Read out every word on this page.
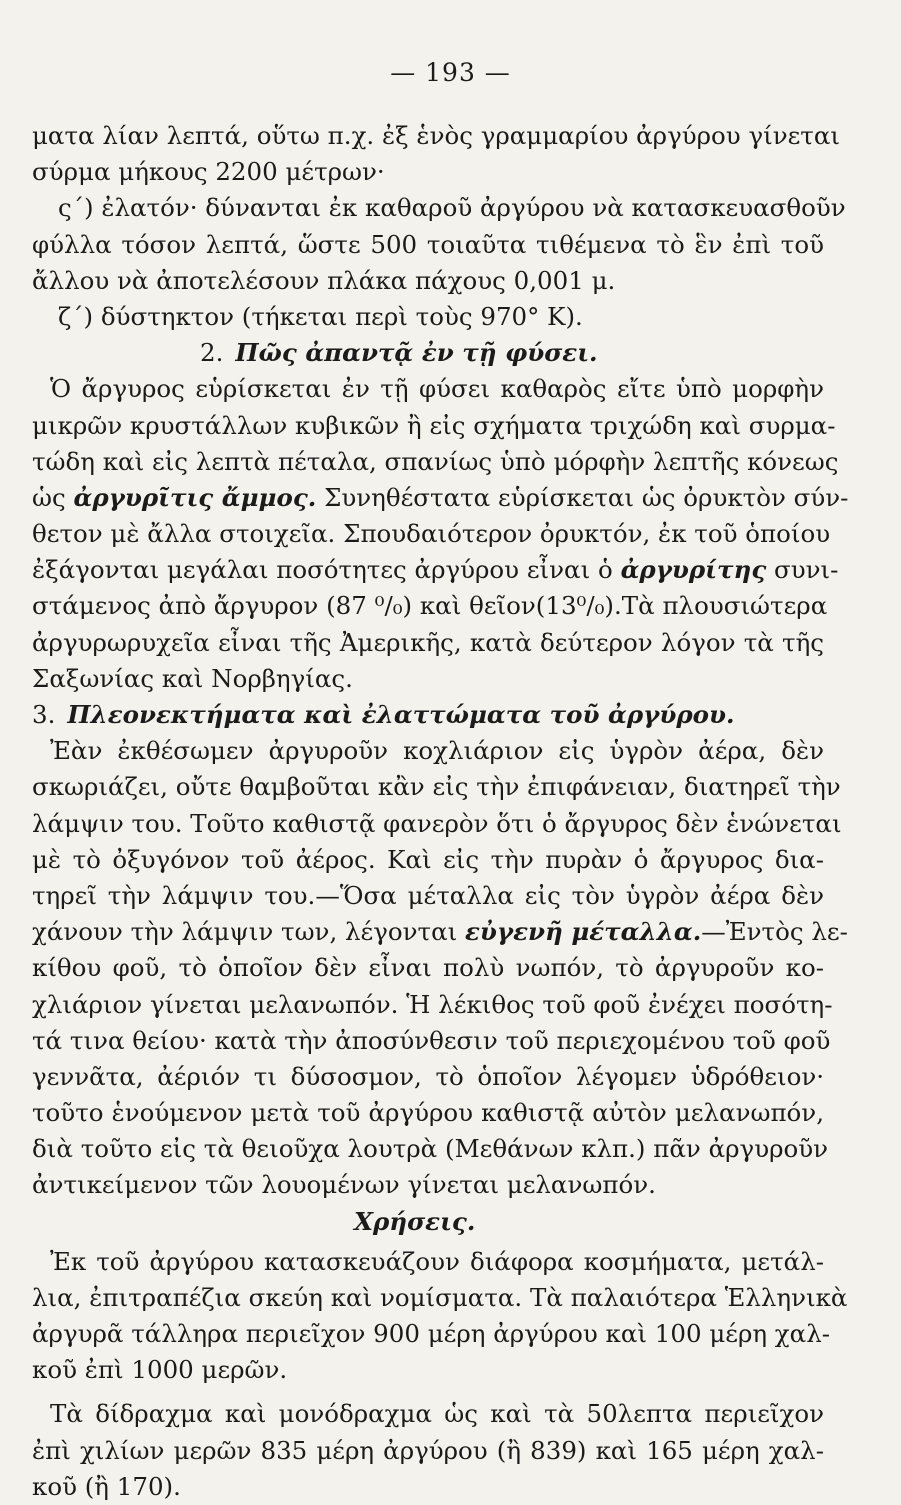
— 193 —
ματα λίαν λεπτά, οὕτω π.χ. ἐξ ἑνὸς γραμμαρίου ἀργύρου γίνεται
σύρμα μήκους 2200 μέτρων·
ς΄) ἐλατόν· δύνανται ἐκ καθαροῦ ἀργύρου νὰ κατασκευασθοῦν
φύλλα τόσον λεπτά, ὥστε 500 τοιαῦτα τιθέμενα τὸ ἓν ἐπὶ τοῦ
ἄλλου νὰ ἀποτελέσουν πλάκα πάχους 0,001 μ.
ζ΄) δύστηκτον (τήκεται περὶ τοὺς 970° Κ).
2. Πῶς ἀπαντᾷ ἐν τῇ φύσει.
Ὁ ἄργυρος εὑρίσκεται ἐν τῇ φύσει καθαρὸς εἴτε ὑπὸ μορφὴν
μικρῶν κρυστάλλων κυβικῶν ἢ εἰς σχήματα τριχώδη καὶ συρμα-
τώδη καὶ εἰς λεπτὰ πέταλα, σπανίως ὑπὸ μόρφὴν λεπτῆς κόνεως
ὡς ἀργυρῖτις ἄμμος. Συνηθέστατα εὑρίσκεται ὡς ὀρυκτὸν σύν-
θετον μὲ ἄλλα στοιχεῖα. Σπουδαιότερον ὀρυκτόν, ἐκ τοῦ ὁποίου
ἐξάγονται μεγάλαι ποσότητες ἀργύρου εἶναι ὁ ἀργυρίτης συνι-
στάμενος ἀπὸ ἄργυρον (87 ⁰/₀) καὶ θεῖον(13⁰/₀).Τὰ πλουσιώτερα
ἀργυρωρυχεῖα εἶναι τῆς Ἀμερικῆς, κατὰ δεύτερον λόγον τὰ τῆς
Σαξωνίας καὶ Νορβηγίας.
3. Πλεονεκτήματα καὶ ἐλαττώματα τοῦ ἀργύρου.
Ἐὰν ἐκθέσωμεν ἀργυροῦν κοχλιάριον εἰς ὑγρὸν ἀέρα, δὲν
σκωριάζει, οὔτε θαμβοῦται κἂν εἰς τὴν ἐπιφάνειαν, διατηρεῖ τὴν
λάμψιν του. Τοῦτο καθιστᾷ φανερὸν ὅτι ὁ ἄργυρος δὲν ἑνώνεται
μὲ τὸ ὀξυγόνον τοῦ ἀέρος. Καὶ εἰς τὴν πυρὰν ὁ ἄργυρος δια-
τηρεῖ τὴν λάμψιν του.—Ὅσα μέταλλα εἰς τὸν ὑγρὸν ἀέρα δὲν
χάνουν τὴν λάμψιν των, λέγονται εὐγενῆ μέταλλα.—Ἐντὸς λε-
κίθου φοῦ, τὸ ὁποῖον δὲν εἶναι πολὺ νωπόν, τὸ ἀργυροῦν κο-
χλιάριον γίνεται μελανωπόν. Ἡ λέκιθος τοῦ φοῦ ἐνέχει ποσότη-
τά τινα θείου· κατὰ τὴν ἀποσύνθεσιν τοῦ περιεχομένου τοῦ φοῦ
γεννᾶτα, ἀέριόν τι δύσοσμον, τὸ ὁποῖον λέγομεν ὑδρόθειον·
τοῦτο ἑνούμενον μετὰ τοῦ ἀργύρου καθιστᾷ αὐτὸν μελανωπόν,
διὰ τοῦτο εἰς τὰ θειοῦχα λουτρὰ (Μεθάνων κλπ.) πᾶν ἀργυροῦν
ἀντικείμενον τῶν λουομένων γίνεται μελανωπόν.
Χρήσεις.
Ἐκ τοῦ ἀργύρου κατασκευάζουν διάφορα κοσμήματα, μετάλ-
λια, ἐπιτραπέζια σκεύη καὶ νομίσματα. Τὰ παλαιότερα Ἑλληνικὰ
ἀργυρᾶ τάλληρα περιεῖχον 900 μέρη ἀργύρου καὶ 100 μέρη χαλ-
κοῦ ἐπὶ 1000 μερῶν.
Τὰ δίδραχμα καὶ μονόδραχμα ὡς καὶ τὰ 50λεπτα περιεῖχον
ἐπὶ χιλίων μερῶν 835 μέρη ἀργύρου (ἢ 839) καὶ 165 μέρη χαλ-
κοῦ (ἢ 170).
